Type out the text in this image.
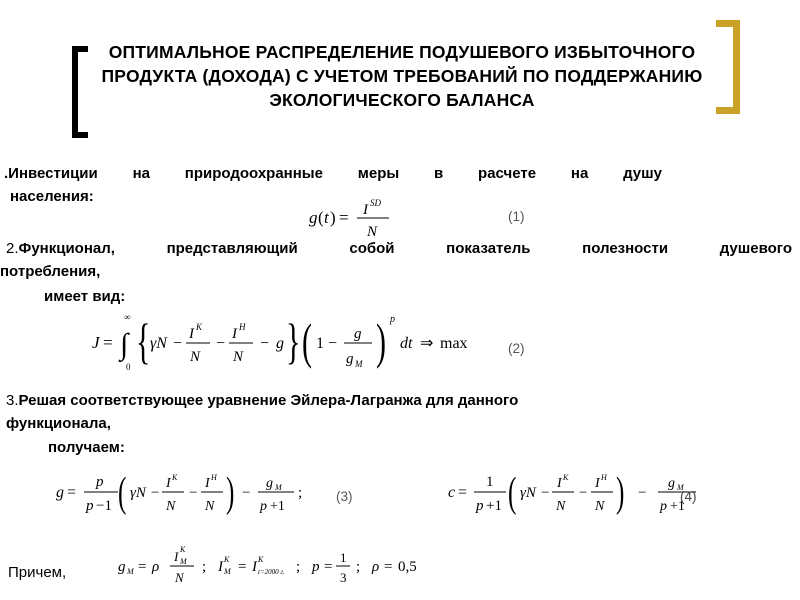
ОПТИМАЛЬНОЕ РАСПРЕДЕЛЕНИЕ ПОДУШЕВОГО ИЗБЫТОЧНОГО ПРОДУКТА (ДОХОДА) С УЧЕТОМ ТРЕБОВАНИЙ ПО ПОДДЕРЖАНИЮ ЭКОЛОГИЧЕСКОГО БАЛАНСА
.Инвестиции на природоохранные меры в расчете на душу
населения:
g ( t ) = I SD
N
(1)
2.Функционал, представляющий собой показатель полезности душевого
потребления,
имеет вид:
J = ∫
∞
0 { γN −
I K
N
−
I H
N
− g } ( 1 −
g
g M ) p
dt ⇒ max	(2)
3.Решая соответствующее уравнение Эйлера-Лагранжа для данного
функционала,
получаем:
g =
p
p −1 ( γN −
I K
N
−
I H
N ) −
g M
p +1
;	(3)	c =
1
p +1 ( γN −
I K
N
−
I H
N ) −
g M
p +1
(4)
Причем,	g M = ρ
I K
M
N
; I K
M = I K
t=2000 г. ; p =
1
3
; ρ = 0,5
